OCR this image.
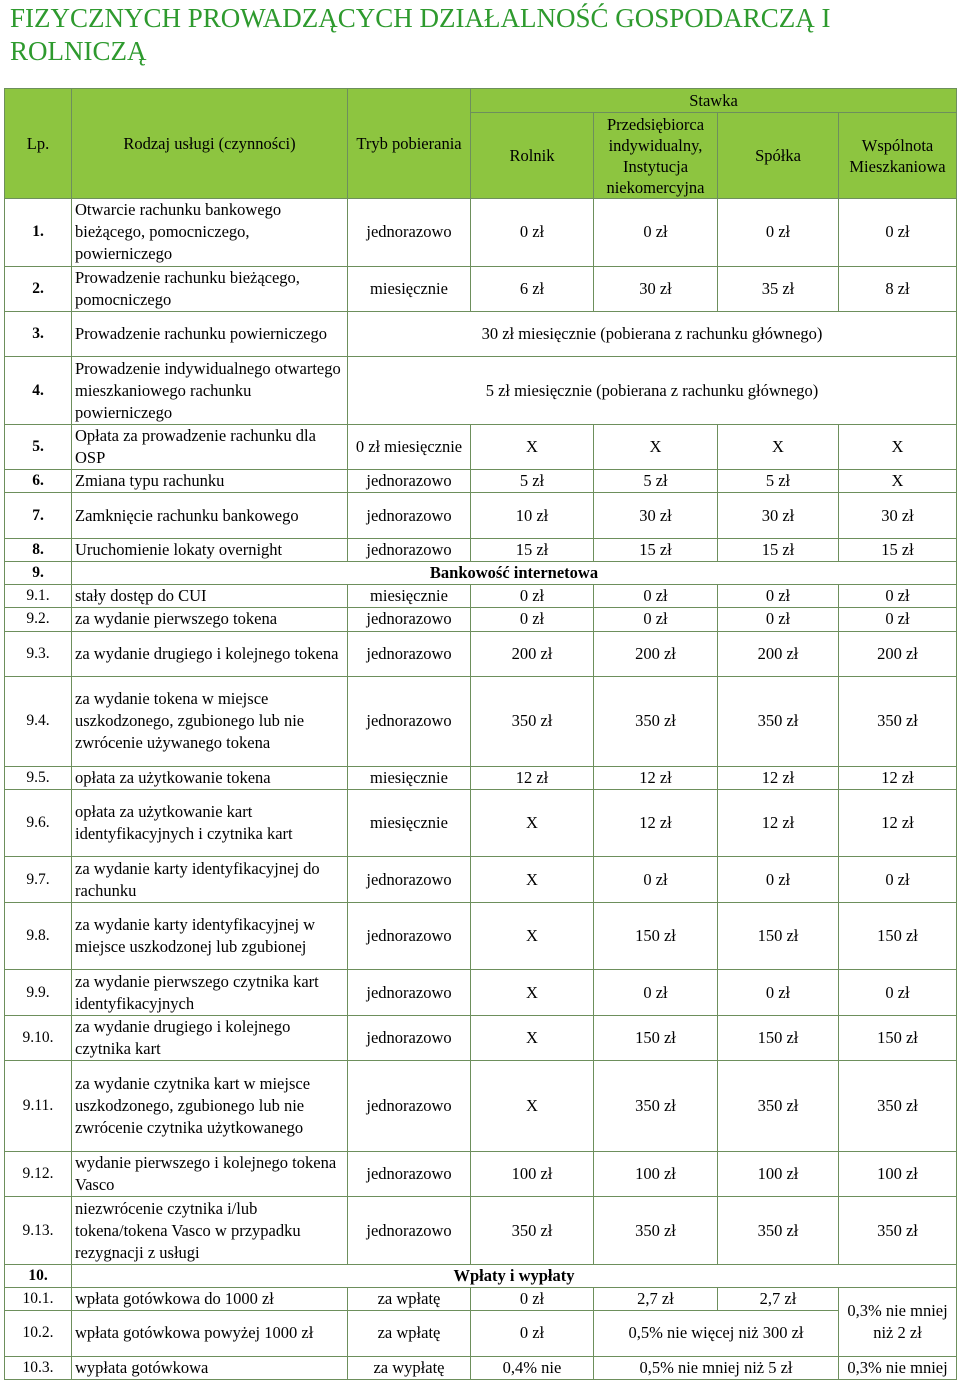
FIZYCZNYCH PROWADZĄCYCH DZIAŁALNOŚĆ GOSPODARCZĄ I ROLNICZĄ
Lp.	Rodzaj usługi (czynności)	Tryb pobierania	Stawka			
			Rolnik	Przedsiębiorca indywidualny, Instytucja niekomercyjna	Spółka	Wspólnota Mieszkaniowa
1.	Otwarcie rachunku bankowego bieżącego, pomocniczego, powierniczego	jednorazowo	0 zł	0 zł	0 zł	0 zł
2.	Prowadzenie rachunku bieżącego, pomocniczego	miesięcznie	6 zł	30 zł	35 zł	8 zł
3.	Prowadzenie rachunku powierniczego	30 zł miesięcznie (pobierana z rachunku głównego)				
4.	Prowadzenie indywidualnego otwartego mieszkaniowego rachunku powierniczego	5 zł miesięcznie (pobierana z rachunku głównego)				
5.	Opłata za prowadzenie rachunku dla OSP	0 zł miesięcznie	X	X	X	X
6.	Zmiana typu rachunku	jednorazowo	5 zł	5 zł	5 zł	X
7.	Zamknięcie rachunku bankowego	jednorazowo	10 zł	30 zł	30 zł	30 zł
8.	Uruchomienie lokaty overnight	jednorazowo	15 zł	15 zł	15 zł	15 zł
9.	Bankowość internetowa					
9.1.	stały dostęp do CUI	miesięcznie	0 zł	0 zł	0 zł	0 zł
9.2.	za wydanie pierwszego tokena	jednorazowo	0 zł	0 zł	0 zł	0 zł
9.3.	za wydanie drugiego i kolejnego tokena	jednorazowo	200 zł	200 zł	200 zł	200 zł
9.4.	za wydanie tokena w miejsce uszkodzonego, zgubionego lub nie zwrócenie używanego tokena	jednorazowo	350 zł	350 zł	350 zł	350 zł
9.5.	opłata za użytkowanie tokena	miesięcznie	12 zł	12 zł	12 zł	12 zł
9.6.	opłata za użytkowanie kart identyfikacyjnych i czytnika kart	miesięcznie	X	12 zł	12 zł	12 zł
9.7.	za wydanie karty identyfikacyjnej do rachunku	jednorazowo	X	0 zł	0 zł	0 zł
9.8.	za wydanie karty identyfikacyjnej w miejsce uszkodzonej lub zgubionej	jednorazowo	X	150 zł	150 zł	150 zł
9.9.	za wydanie pierwszego czytnika kart identyfikacyjnych	jednorazowo	X	0 zł	0 zł	0 zł
9.10.	za wydanie drugiego i kolejnego czytnika kart	jednorazowo	X	150 zł	150 zł	150 zł
9.11.	za wydanie czytnika kart w miejsce uszkodzonego, zgubionego lub nie zwrócenie czytnika użytkowanego	jednorazowo	X	350 zł	350 zł	350 zł
9.12.	wydanie pierwszego i kolejnego tokena Vasco	jednorazowo	100 zł	100 zł	100 zł	100 zł
9.13.	niezwrócenie czytnika i/lub tokena/tokena Vasco w przypadku rezygnacji z usługi	jednorazowo	350 zł	350 zł	350 zł	350 zł
10.	Wpłaty i wypłaty					
10.1.	wpłata gotówkowa do 1000 zł	za wpłatę	0 zł	2,7 zł	2,7 zł	0,3% nie mniej niż 2 zł
10.2.	wpłata gotówkowa powyżej 1000 zł	za wpłatę	0 zł	0,5% nie więcej niż 300 zł		
10.3.	wypłata gotówkowa	za wypłatę	0,4% nie	0,5% nie mniej niż 5 zł		0,3% nie mniej
